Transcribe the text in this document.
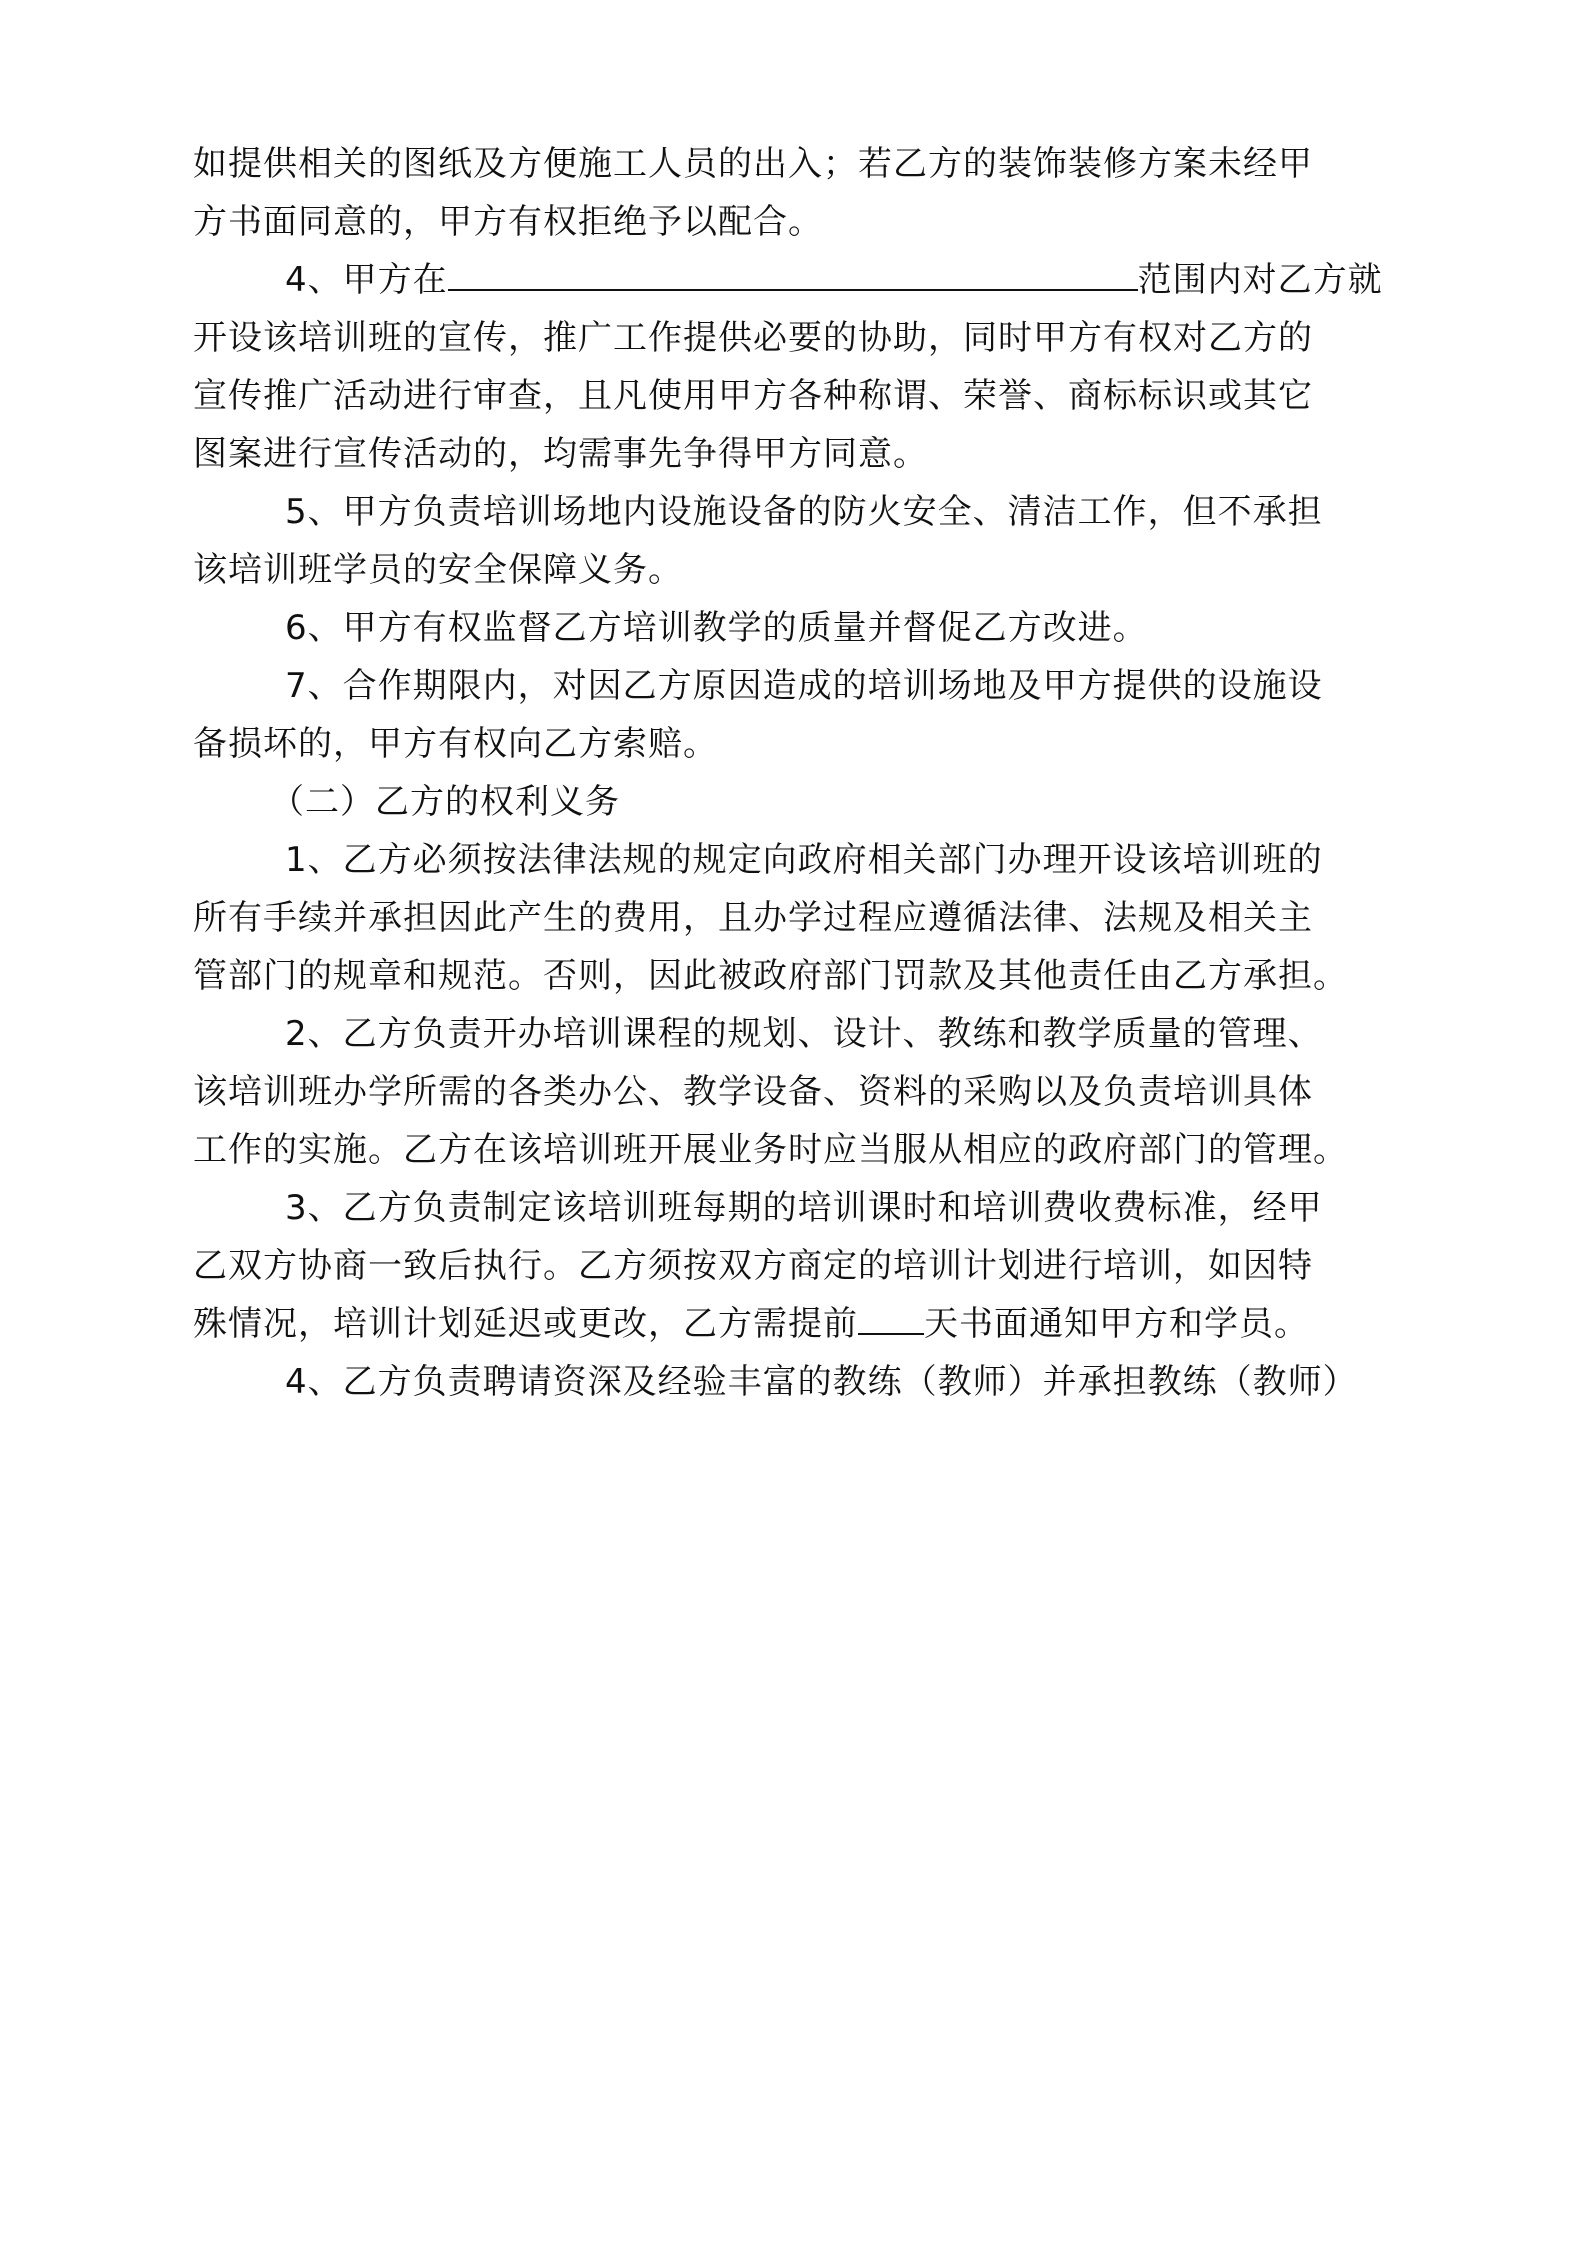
如提供相关的图纸及方便施工人员的出入；若乙方的装饰装修方案未经甲
方书面同意的，甲方有权拒绝予以配合。
4、甲方在	范围内对乙方就
开设该培训班的宣传，推广工作提供必要的协助，同时甲方有权对乙方的
宣传推广活动进行审查，且凡使用甲方各种称谓、荣誉、商标标识或其它
图案进行宣传活动的，均需事先争得甲方同意。
5、甲方负责培训场地内设施设备的防火安全、清洁工作，但不承担
该培训班学员的安全保障义务。
6、甲方有权监督乙方培训教学的质量并督促乙方改进。
7、合作期限内，对因乙方原因造成的培训场地及甲方提供的设施设
备损坏的，甲方有权向乙方索赔。
（二）乙方的权利义务
1、乙方必须按法律法规的规定向政府相关部门办理开设该培训班的
所有手续并承担因此产生的费用，且办学过程应遵循法律、法规及相关主
管部门的规章和规范。否则，因此被政府部门罚款及其他责任由乙方承担。
2、乙方负责开办培训课程的规划、设计、教练和教学质量的管理、
该培训班办学所需的各类办公、教学设备、资料的采购以及负责培训具体
工作的实施。乙方在该培训班开展业务时应当服从相应的政府部门的管理。
3、乙方负责制定该培训班每期的培训课时和培训费收费标准，经甲
乙双方协商一致后执行。乙方须按双方商定的培训计划进行培训，如因特
殊情况，培训计划延迟或更改，乙方需提前 天书面通知甲方和学员。
4、乙方负责聘请资深及经验丰富的教练（教师）并承担教练（教师）
